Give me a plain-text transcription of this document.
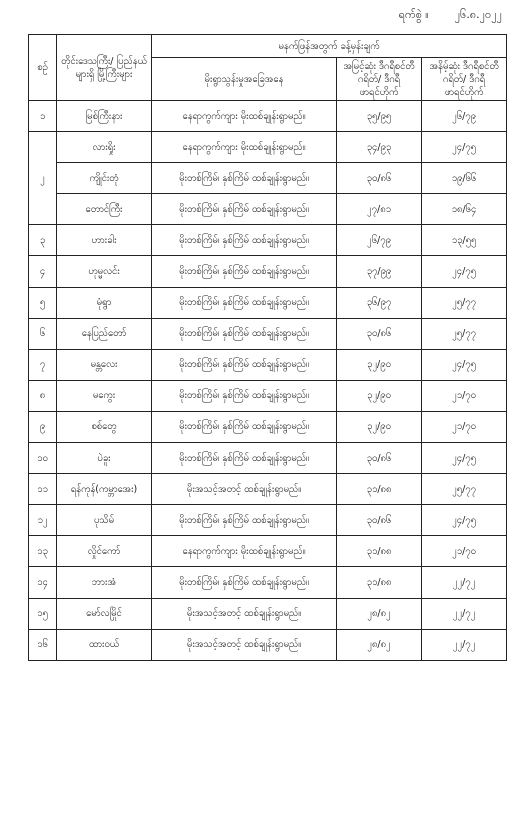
ရက်စွဲ ။ ၂၆.၈.၂၀၂၂
စဉ်	တိုင်းဒေသကြီး/ ပြည်နယ်များရှိ မြို့ကြီးများ	မနက်ဖြန်အတွက် ခန့်မှန်းချက်		
		မိုးရွာသွန်းမှုအခြေအနေ	အမြင့်ဆုံး ဒီဂရီစင်တီဂရိတ်/ ဒီဂရီဖာရင်ဟိုက်	အနိမ့်ဆုံး ဒီဂရီစင်တီဂရိတ်/ ဒီဂရီဖာရင်ဟိုက်
၁	မြစ်ကြီးနား	နေရာကွက်ကျား မိုးထစ်ချုန်းရွာမည်။	၃၅/၉၅	၂၆/၇၉
၂	လားရှိုး	နေရာကွက်ကျား မိုးထစ်ချုန်းရွာမည်။	၃၄/၉၃	၂၄/၇၅
	ကျိုင်းတုံ	မိုးတစ်ကြိမ်၊ နှစ်ကြိမ် ထစ်ချုန်းရွာမည်။	၃၀/၈၆	၁၉/၆၆
	တောင်ကြီး	မိုးတစ်ကြိမ်၊ နှစ်ကြိမ် ထစ်ချုန်းရွာမည်။	၂၇/၈၁	၁၈/၆၄
၃	ဟားခါး	မိုးတစ်ကြိမ်၊ နှစ်ကြိမ် ထစ်ချုန်းရွာမည်။	၂၆/၇၉	၁၃/၅၅
၄	ဟုမ္မလင်း	မိုးတစ်ကြိမ်၊ နှစ်ကြိမ် ထစ်ချုန်းရွာမည်။	၃၇/၉၉	၂၄/၇၅
၅	မုံရွာ	မိုးတစ်ကြိမ်၊ နှစ်ကြိမ် ထစ်ချုန်းရွာမည်။	၃၆/၉၇	၂၅/၇၇
၆	နေပြည်တော်	မိုးတစ်ကြိမ်၊ နှစ်ကြိမ် ထစ်ချုန်းရွာမည်။	၃၀/၈၆	၂၅/၇၇
၇	မန္တလေး	မိုးတစ်ကြိမ်၊ နှစ်ကြိမ် ထစ်ချုန်းရွာမည်။	၃၂/၉၀	၂၄/၇၅
၈	မကွေး	မိုးတစ်ကြိမ်၊ နှစ်ကြိမ် ထစ်ချုန်းရွာမည်။	၃၂/၉၀	၂၁/၇၀
၉	စစ်တွေ	မိုးတစ်ကြိမ်၊ နှစ်ကြိမ် ထစ်ချုန်းရွာမည်။	၃၂/၉၀	၂၁/၇၀
၁၀	ပဲခူး	မိုးတစ်ကြိမ်၊ နှစ်ကြိမ် ထစ်ချုန်းရွာမည်။	၃၀/၈၆	၂၄/၇၅
၁၁	ရန်ကုန်(ကမ္ဘာအေး)	မိုးအသင့်အတင့် ထစ်ချုန်းရွာမည်။	၃၁/၈၈	၂၅/၇၇
၁၂	ပုသိမ်	မိုးတစ်ကြိမ်၊ နှစ်ကြိမ် ထစ်ချုန်းရွာမည်။	၃၀/၈၆	၂၄/၇၅
၁၃	လှိုင်ကော်	နေရာကွက်ကျား မိုးထစ်ချုန်းရွာမည်။	၃၁/၈၈	၂၁/၇၀
၁၄	ဘားအံ	မိုးတစ်ကြိမ်၊ နှစ်ကြိမ် ထစ်ချုန်းရွာမည်။	၃၁/၈၈	၂၂/၇၂
၁၅	မော်လမြိုင်	မိုးအသင့်အတင့် ထစ်ချုန်းရွာမည်။	၂၈/၈၂	၂၂/၇၂
၁၆	ထားဝယ်	မိုးအသင့်အတင့် ထစ်ချုန်းရွာမည်။	၂၈/၈၂	၂၂/၇၂
